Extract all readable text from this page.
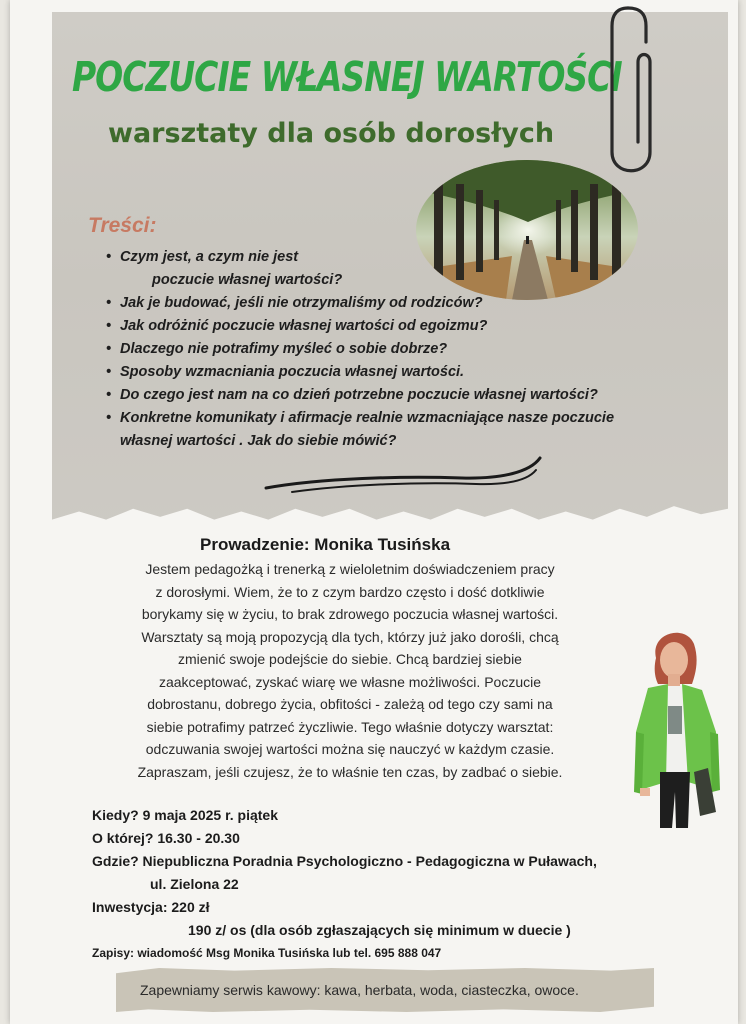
POCZUCIE WŁASNEJ WARTOŚCI
warsztaty dla osób dorosłych
Treści:
• Czym jest, a czym nie jest
poczucie własnej wartości?
• Jak je budować, jeśli nie otrzymaliśmy od rodziców?
• Jak odróżnić poczucie własnej wartości od egoizmu?
• Dlaczego nie potrafimy myśleć o sobie dobrze?
• Sposoby wzmacniania poczucia własnej wartości.
• Do czego jest nam na co dzień potrzebne poczucie własnej wartości?
• Konkretne komunikaty i afirmacje realnie wzmacniające nasze poczucie
własnej wartości . Jak do siebie mówić?
Prowadzenie: Monika Tusińska

Jestem pedagożką i trenerką z wieloletnim doświadczeniem pracy

z dorosłymi. Wiem, że to z czym bardzo często i dość dotkliwie

borykamy się w życiu, to brak zdrowego poczucia własnej wartości.

Warsztaty są moją propozycją dla tych, którzy już jako dorośli, chcą

zmienić swoje podejście do siebie. Chcą bardziej siebie

zaakceptować, zyskać wiarę we własne możliwości. Poczucie

dobrostanu, dobrego życia, obfitości - zależą od tego czy sami na

siebie potrafimy patrzeć życzliwie. Tego właśnie dotyczy warsztat:

odczuwania swojej wartości można się nauczyć w każdym czasie.

Zapraszam, jeśli czujesz, że to właśnie ten czas, by zadbać o siebie.

Kiedy? 9 maja 2025 r. piątek
O której? 16.30 - 20.30
Gdzie? Niepubliczna Poradnia Psychologiczno - Pedagogiczna w Puławach,
ul. Zielona 22
Inwestycja: 220 zł
190 z/ os (dla osób zgłaszających się minimum w duecie )
Zapisy: wiadomość Msg Monika Tusińska lub tel. 695 888 047
Zapewniamy serwis kawowy: kawa, herbata, woda, ciasteczka, owoce.
